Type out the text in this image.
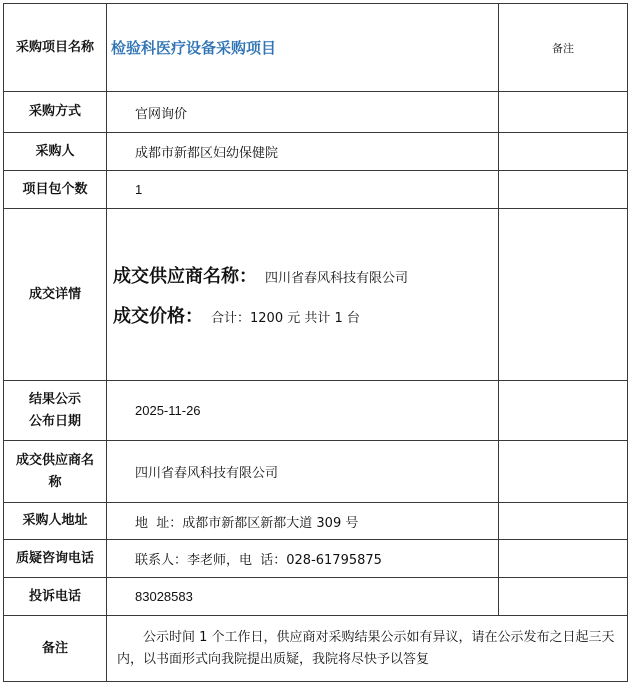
采购项目名称	检验科医疗设备采购项目	备注
采购方式	官网询价	
采购人	成都市新都区妇幼保健院	
项目包个数	1	
成交详情	成交供应商名称： 四川省春风科技有限公司
成交价格： 合计：1200 元 共计 1 台	

结果公示公布日期	2025-11-26	
成交供应商名称	四川省春风科技有限公司	
采购人地址	地  址：成都市新都区新都大道 309 号	
质疑咨询电话	联系人：李老师，电  话：028-61795875	
投诉电话	83028583	
备注	公示时间 1 个工作日，供应商对采购结果公示如有异议，请在公示发布之日起三天内，以书面形式向我院提出质疑，我院将尽快予以答复	
